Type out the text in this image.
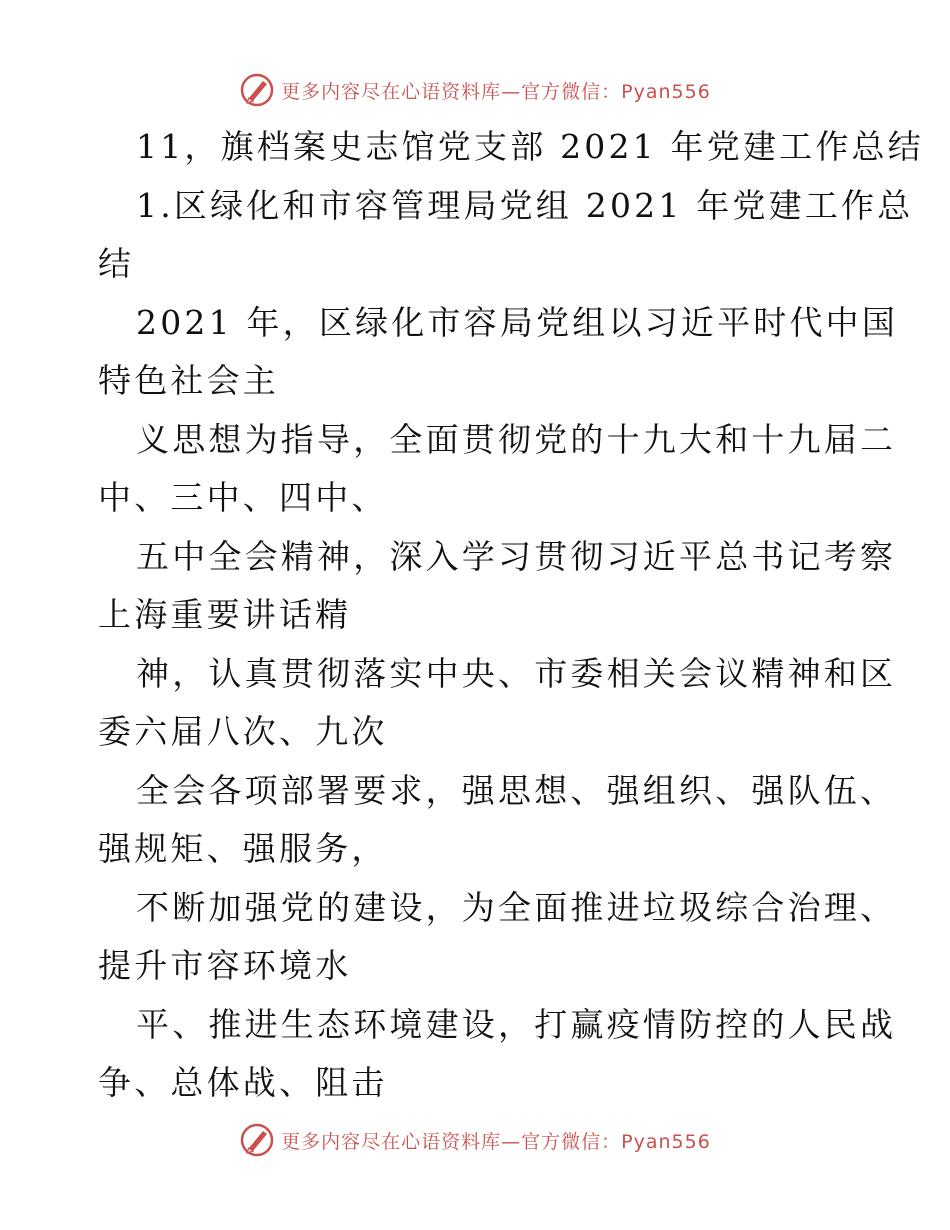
更多内容尽在心语资料库—官方微信：Pyan556
11，旗档案史志馆党支部 2021 年党建工作总结
1.区绿化和市容管理局党组 2021 年党建工作总
结
2021 年，区绿化市容局党组以习近平时代中国
特色社会主
义思想为指导，全面贯彻党的十九大和十九届二
中、三中、四中、
五中全会精神，深入学习贯彻习近平总书记考察
上海重要讲话精
神，认真贯彻落实中央、市委相关会议精神和区
委六届八次、九次
全会各项部署要求，强思想、强组织、强队伍、
强规矩、强服务，
不断加强党的建设，为全面推进垃圾综合治理、
提升市容环境水
平、推进生态环境建设，打赢疫情防控的人民战
争、总体战、阻击
更多内容尽在心语资料库—官方微信：Pyan556
